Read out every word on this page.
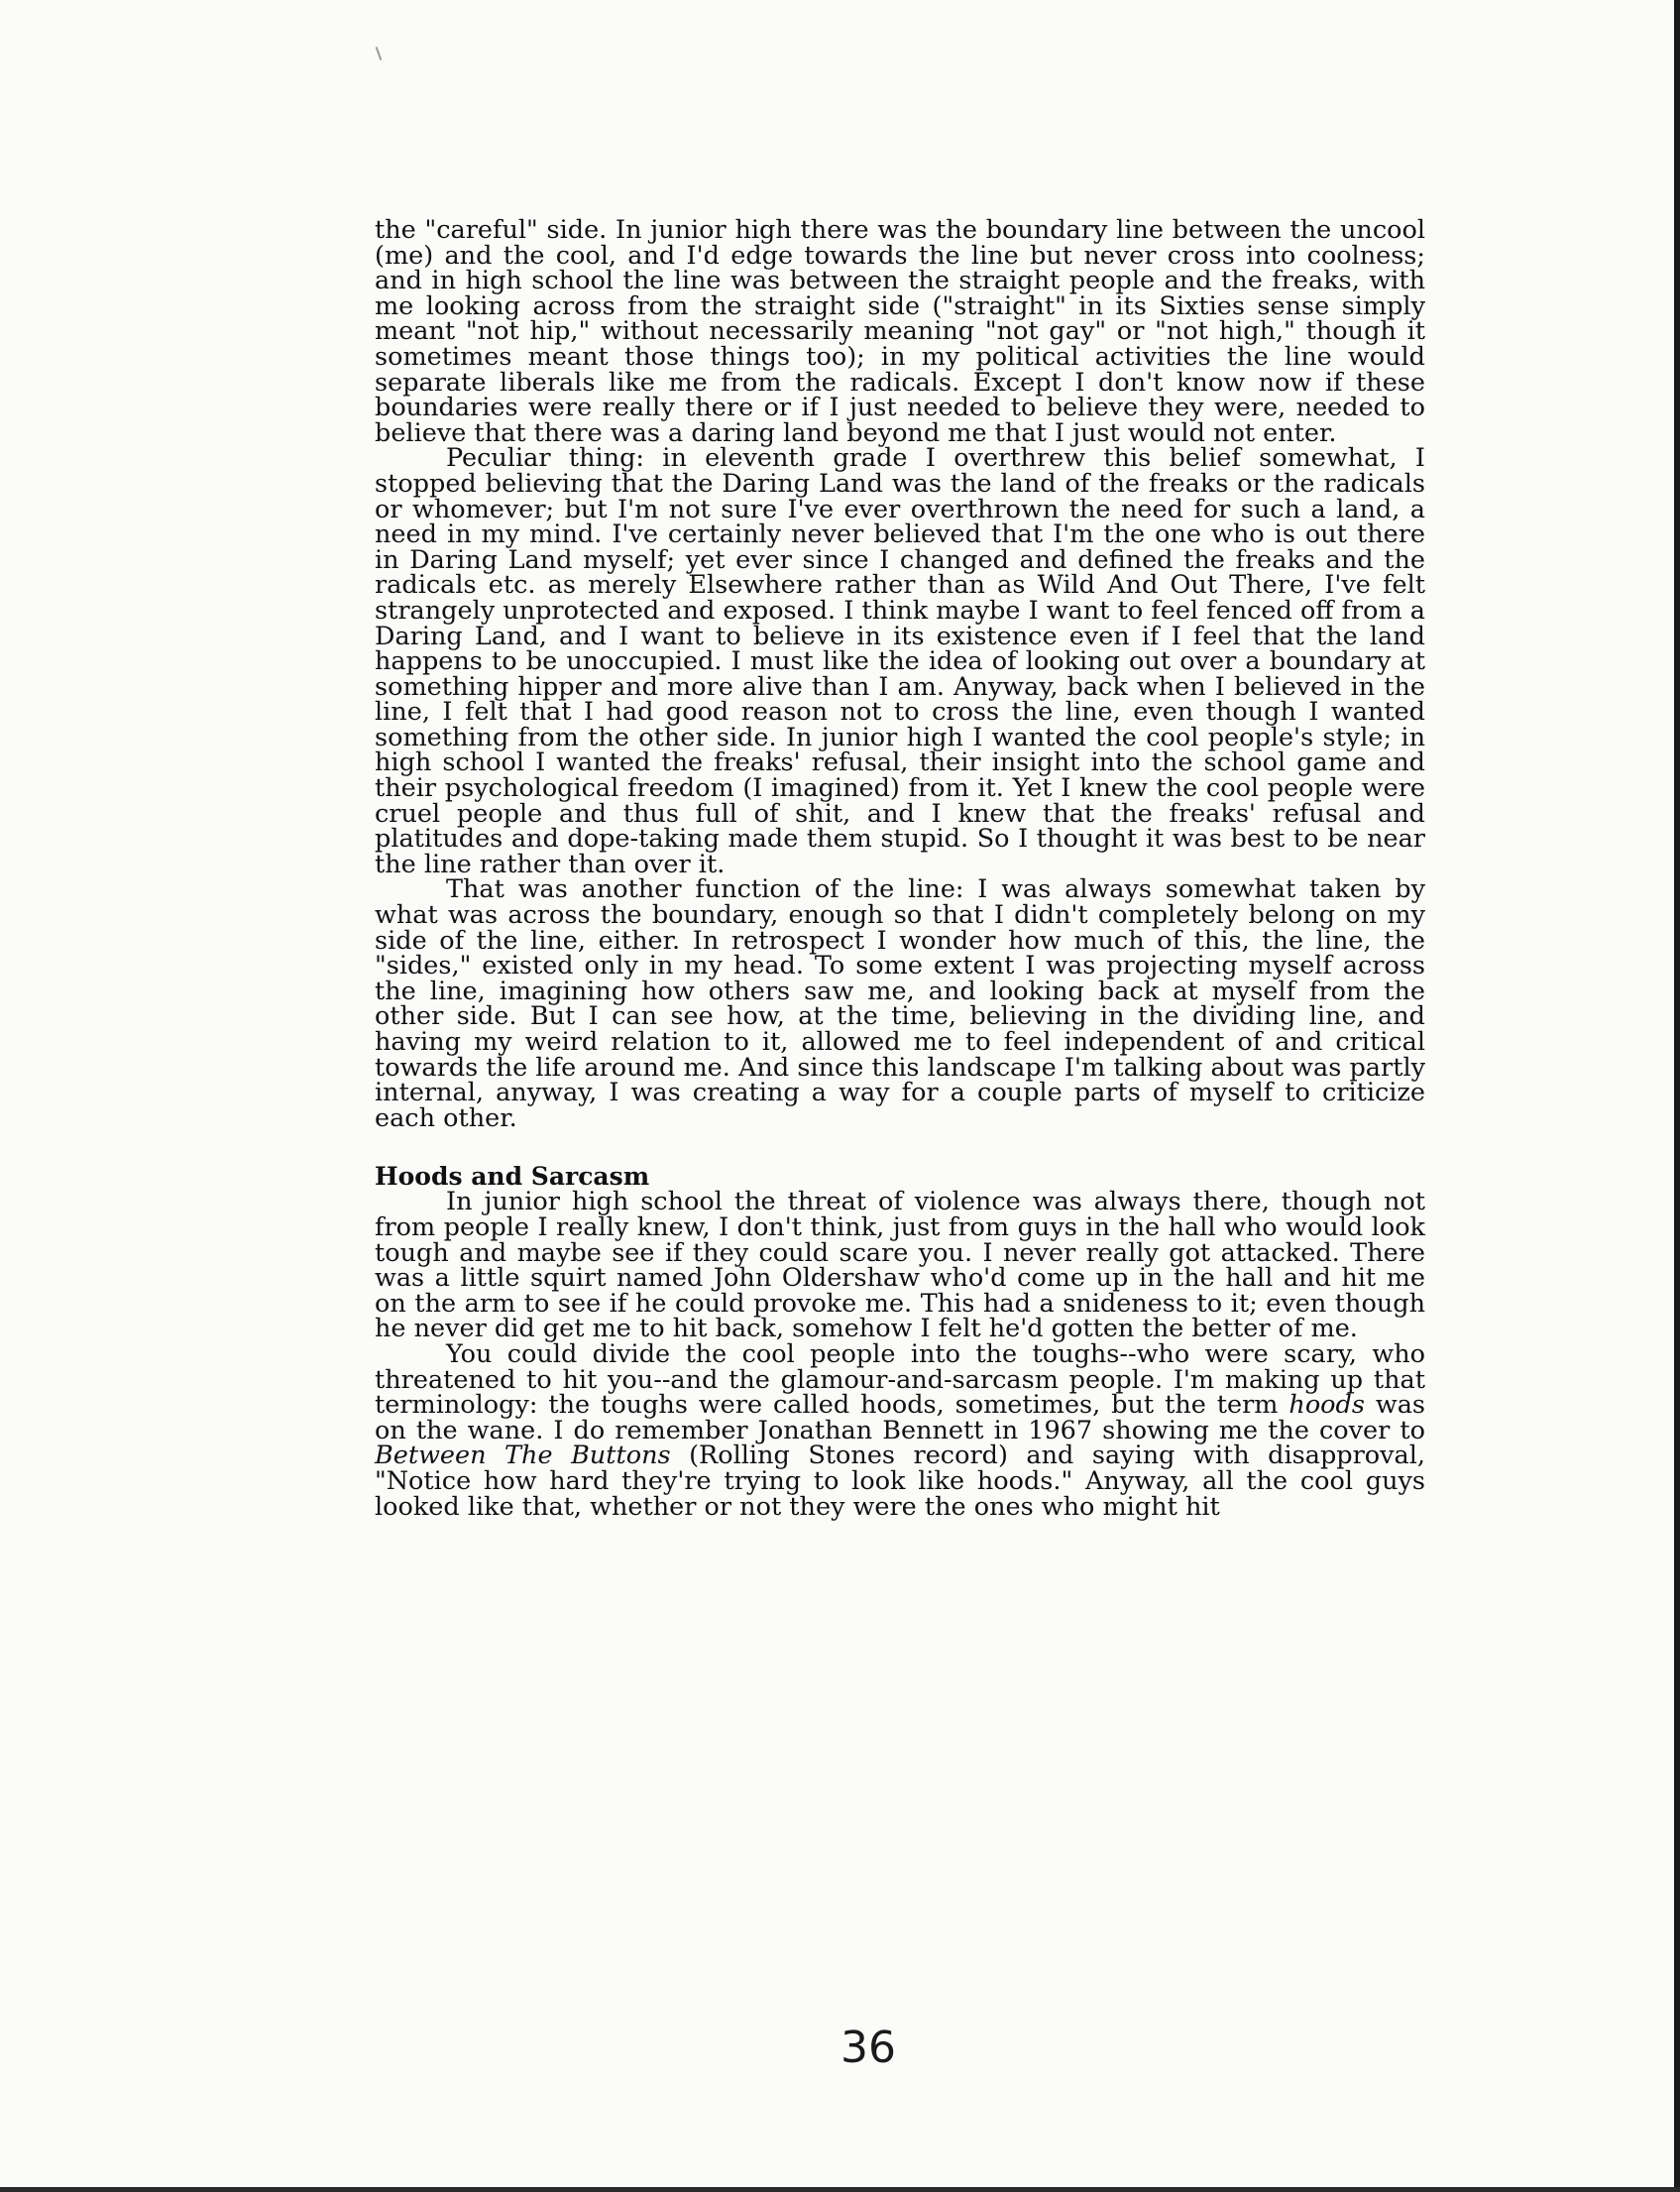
the "careful" side. In junior high there was the boundary line between the uncool (me) and the cool, and I'd edge towards the line but never cross into coolness; and in high school the line was between the straight people and the freaks, with me looking across from the straight side ("straight" in its Sixties sense simply meant "not hip," without necessarily meaning "not gay" or "not high," though it sometimes meant those things too); in my political activities the line would separate liberals like me from the radicals. Except I don't know now if these boundaries were really there or if I just needed to believe they were, needed to believe that there was a daring land beyond me that I just would not enter.

Peculiar thing: in eleventh grade I overthrew this belief somewhat, I stopped believing that the Daring Land was the land of the freaks or the radicals or whomever; but I'm not sure I've ever overthrown the need for such a land, a need in my mind. I've certainly never believed that I'm the one who is out there in Daring Land myself; yet ever since I changed and defined the freaks and the radicals etc. as merely Elsewhere rather than as Wild And Out There, I've felt strangely unprotected and exposed. I think maybe I want to feel fenced off from a Daring Land, and I want to believe in its existence even if I feel that the land happens to be unoccupied. I must like the idea of looking out over a boundary at something hipper and more alive than I am. Anyway, back when I believed in the line, I felt that I had good reason not to cross the line, even though I wanted something from the other side. In junior high I wanted the cool people's style; in high school I wanted the freaks' refusal, their insight into the school game and their psychological freedom (I imagined) from it. Yet I knew the cool people were cruel people and thus full of shit, and I knew that the freaks' refusal and platitudes and dope-taking made them stupid. So I thought it was best to be near the line rather than over it.

That was another function of the line: I was always somewhat taken by what was across the boundary, enough so that I didn't completely belong on my side of the line, either. In retrospect I wonder how much of this, the line, the "sides," existed only in my head. To some extent I was projecting myself across the line, imagining how others saw me, and looking back at myself from the other side. But I can see how, at the time, believing in the dividing line, and having my weird relation to it, allowed me to feel independent of and critical towards the life around me. And since this landscape I'm talking about was partly internal, anyway, I was creating a way for a couple parts of myself to criticize each other.

Hoods and Sarcasm

In junior high school the threat of violence was always there, though not from people I really knew, I don't think, just from guys in the hall who would look tough and maybe see if they could scare you. I never really got attacked. There was a little squirt named John Oldershaw who'd come up in the hall and hit me on the arm to see if he could provoke me. This had a snideness to it; even though he never did get me to hit back, somehow I felt he'd gotten the better of me.

You could divide the cool people into the toughs--who were scary, who threatened to hit you--and the glamour-and-sarcasm people. I'm making up that terminology: the toughs were called hoods, sometimes, but the term hoods was on the wane. I do remember Jonathan Bennett in 1967 showing me the cover to Between The Buttons (Rolling Stones record) and saying with disapproval, "Notice how hard they're trying to look like hoods." Anyway, all the cool guys looked like that, whether or not they were the ones who might hit

36
